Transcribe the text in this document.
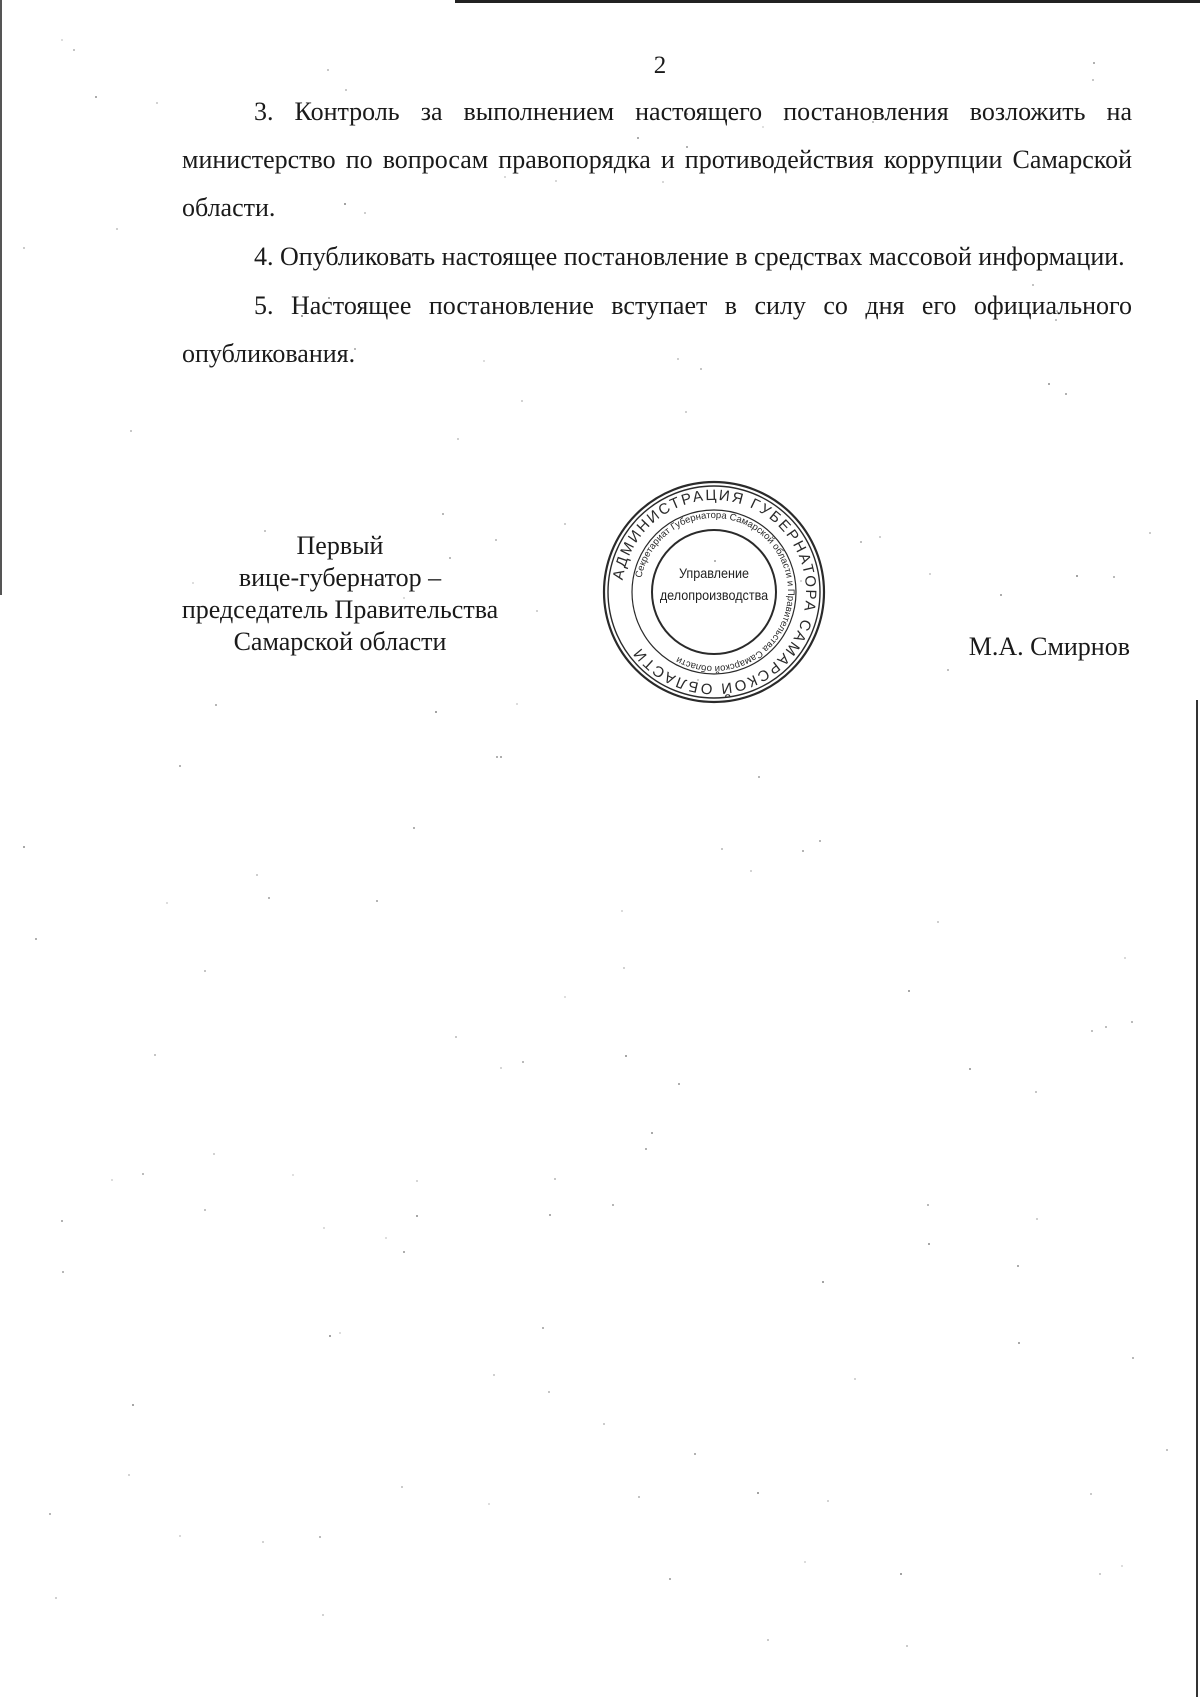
2

3. Контроль за выполнением настоящего постановления возложить на министерство по вопросам правопорядка и противодействия коррупции Самарской области.

4. Опубликовать настоящее постановление в средствах массовой информации.

5. Настоящее постановление вступает в силу со дня его официального опубликования.

Первый
вице-губернатор –
председатель Правительства
Самарской области
АДМИНИСТРАЦИЯ ГУБЕРНАТОРА САМАРСКОЙ ОБЛАСТИ
Секретариат Губернатора Самарской области и Правительства Самарской области
Управление
делопроизводства
М.А. Смирнов
